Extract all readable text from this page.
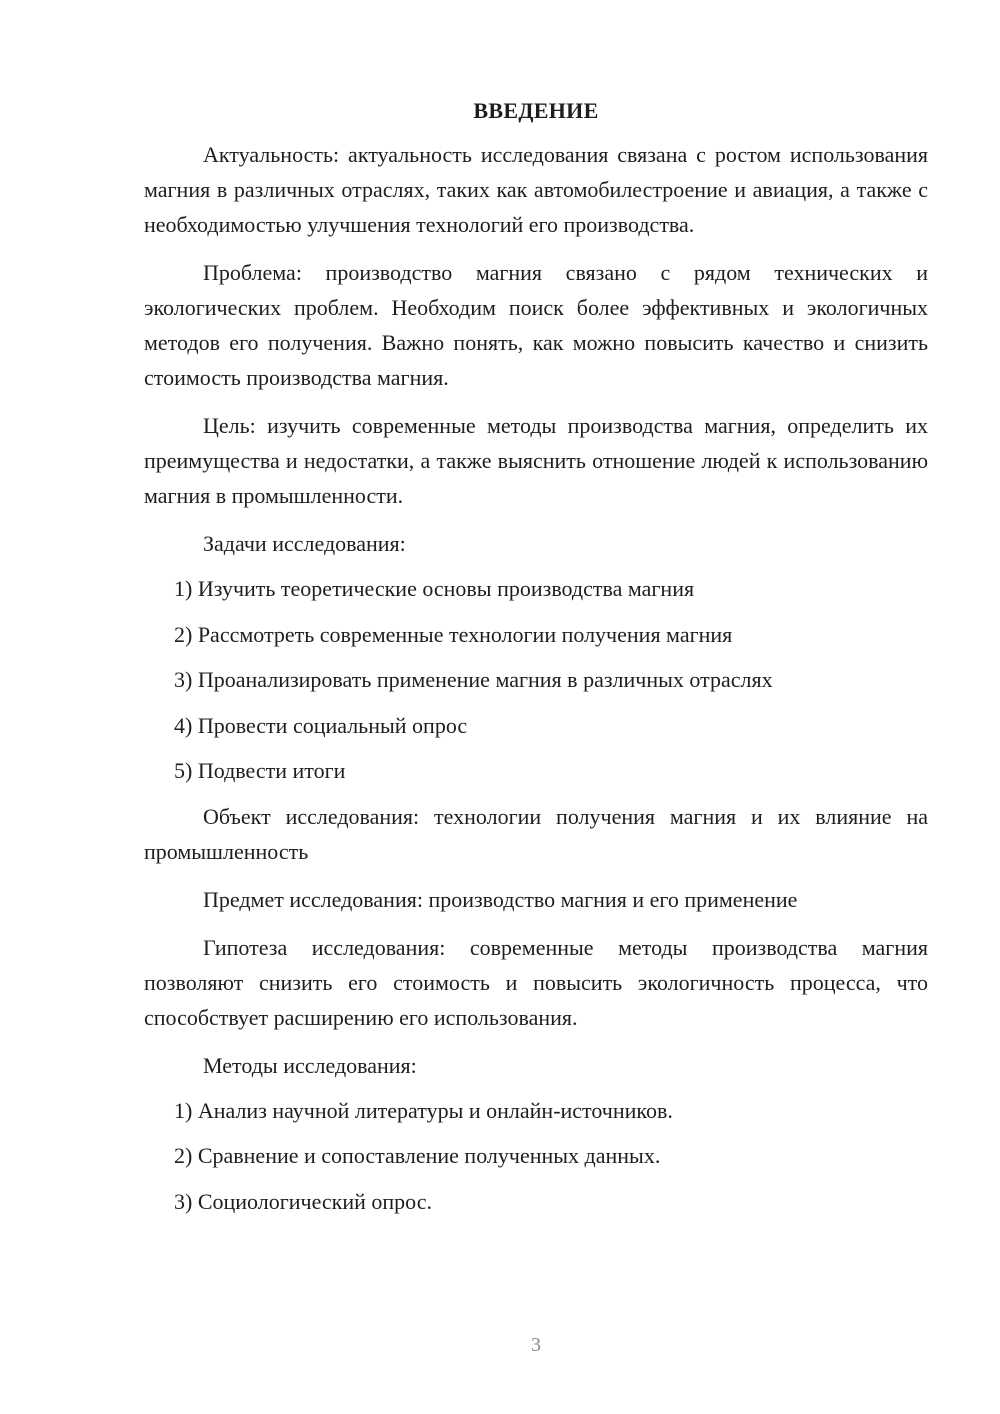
ВВЕДЕНИЕ

Актуальность: актуальность исследования связана с ростом использования магния в различных отраслях, таких как автомобилестроение и авиация, а также с необходимостью улучшения технологий его производства.

Проблема: производство магния связано с рядом технических и экологических проблем. Необходим поиск более эффективных и экологичных методов его получения. Важно понять, как можно повысить качество и снизить стоимость производства магния.

Цель: изучить современные методы производства магния, определить их преимущества и недостатки, а также выяснить отношение людей к использованию магния в промышленности.

Задачи исследования:

1) Изучить теоретические основы производства магния
2) Рассмотреть современные технологии получения магния
3) Проанализировать применение магния в различных отраслях
4) Провести социальный опрос
5) Подвести итоги

Объект исследования: технологии получения магния и их влияние на промышленность

Предмет исследования: производство магния и его применение

Гипотеза исследования: современные методы производства магния позволяют снизить его стоимость и повысить экологичность процесса, что способствует расширению его использования.

Методы исследования:

1) Анализ научной литературы и онлайн-источников.
2) Сравнение и сопоставление полученных данных.
3) Социологический опрос.
3
